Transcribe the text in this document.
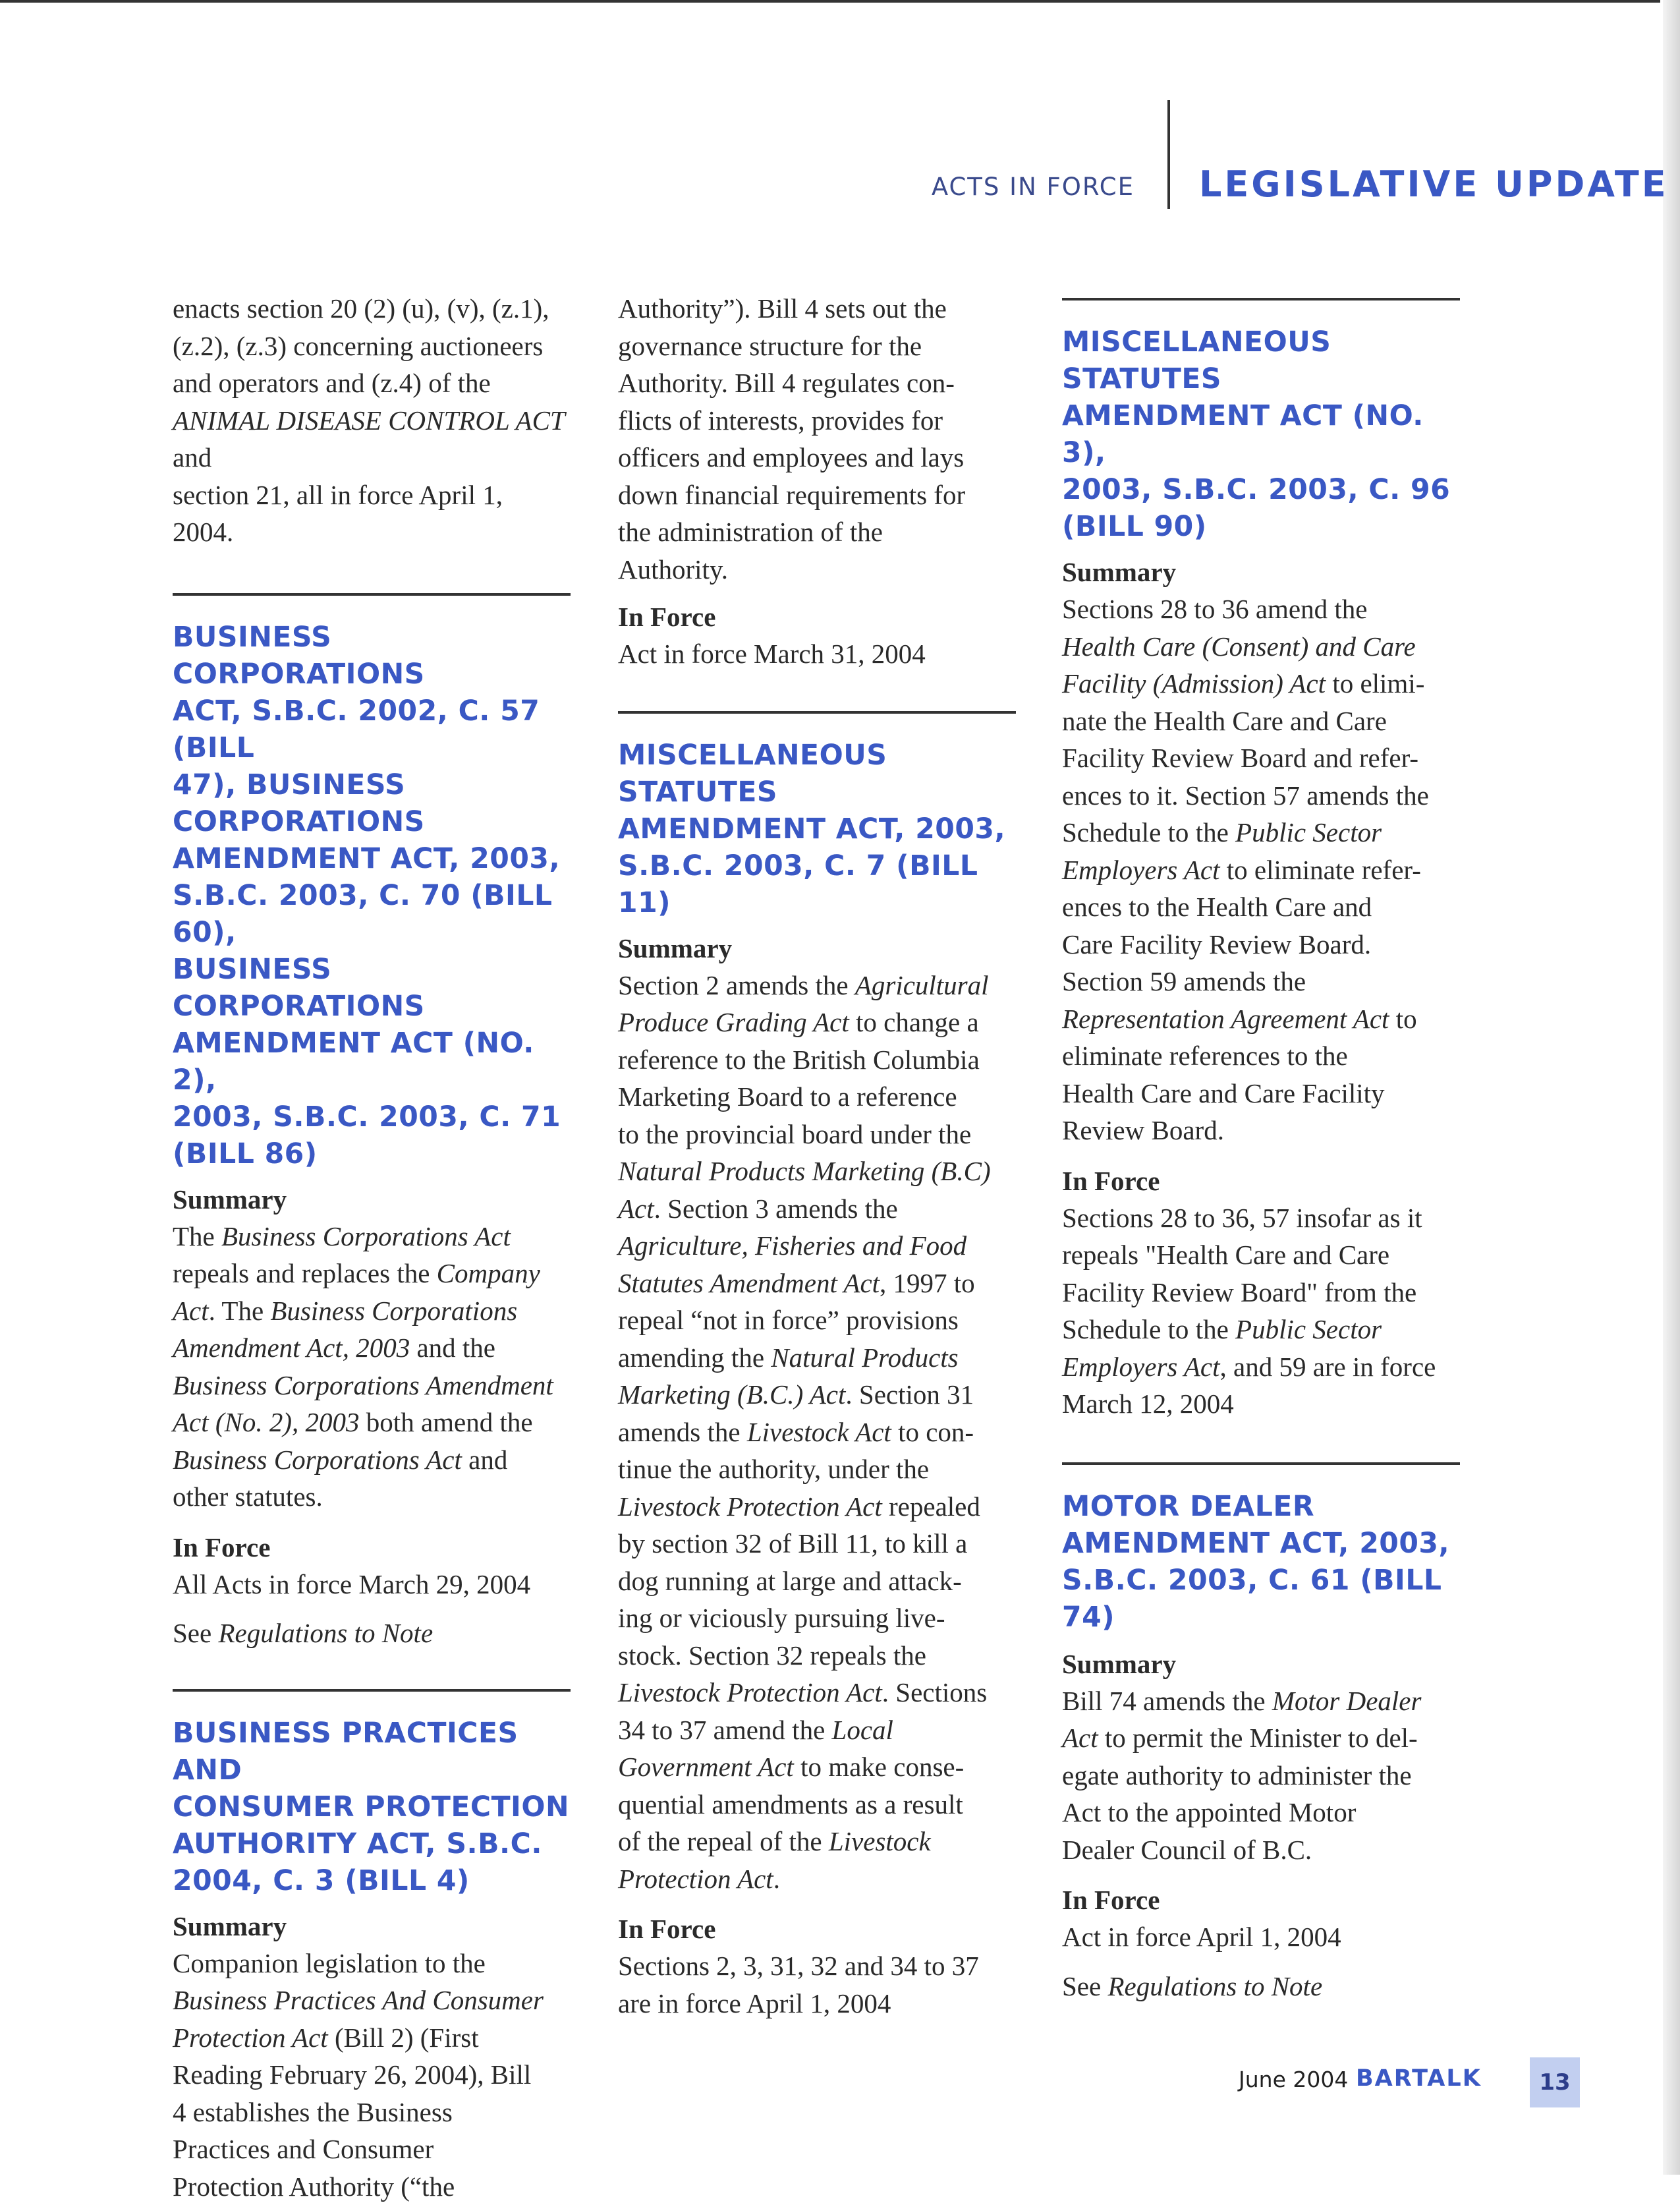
ACTS IN FORCE LEGISLATIVE UPDATE

enacts section 20 (2) (u), (v), (z.1),
(z.2), (z.3) concerning auctioneers
and operators and (z.4) of the
ANIMAL DISEASE CONTROL ACT and
section 21, all in force April 1,
2004.

BUSINESS CORPORATIONS
ACT, S.B.C. 2002, C. 57 (BILL
47), BUSINESS
CORPORATIONS
AMENDMENT ACT, 2003,
S.B.C. 2003, C. 70 (BILL 60),
BUSINESS CORPORATIONS
AMENDMENT ACT (NO. 2),
2003, S.B.C. 2003, C. 71
(BILL 86)

Summary

The Business Corporations Act
repeals and replaces the Company
Act. The Business Corporations
Amendment Act, 2003 and the
Business Corporations Amendment
Act (No. 2), 2003 both amend the
Business Corporations Act and
other statutes.

In Force

All Acts in force March 29, 2004

See Regulations to Note

BUSINESS PRACTICES AND
CONSUMER PROTECTION
AUTHORITY ACT, S.B.C.
2004, C. 3 (BILL 4)

Summary

Companion legislation to the
Business Practices And Consumer
Protection Act (Bill 2) (First
Reading February 26, 2004), Bill
4 establishes the Business
Practices and Consumer
Protection Authority (“the

Authority”). Bill 4 sets out the
governance structure for the
Authority. Bill 4 regulates con-
flicts of interests, provides for
officers and employees and lays
down financial requirements for
the administration of the
Authority.

In Force

Act in force March 31, 2004

MISCELLANEOUS STATUTES
AMENDMENT ACT, 2003,
S.B.C. 2003, C. 7 (BILL 11)

Summary

Section 2 amends the Agricultural
Produce Grading Act to change a
reference to the British Columbia
Marketing Board to a reference
to the provincial board under the
Natural Products Marketing (B.C)
Act. Section 3 amends the
Agriculture, Fisheries and Food
Statutes Amendment Act, 1997 to
repeal “not in force” provisions
amending the Natural Products
Marketing (B.C.) Act. Section 31
amends the Livestock Act to con-
tinue the authority, under the
Livestock Protection Act repealed
by section 32 of Bill 11, to kill a
dog running at large and attack-
ing or viciously pursuing live-
stock. Section 32 repeals the
Livestock Protection Act. Sections
34 to 37 amend the Local
Government Act to make conse-
quential amendments as a result
of the repeal of the Livestock
Protection Act.

In Force

Sections 2, 3, 31, 32 and 34 to 37
are in force April 1, 2004

MISCELLANEOUS STATUTES
AMENDMENT ACT (NO. 3),
2003, S.B.C. 2003, C. 96
(BILL 90)

Summary

Sections 28 to 36 amend the
Health Care (Consent) and Care
Facility (Admission) Act to elimi-
nate the Health Care and Care
Facility Review Board and refer-
ences to it. Section 57 amends the
Schedule to the Public Sector
Employers Act to eliminate refer-
ences to the Health Care and
Care Facility Review Board.
Section 59 amends the
Representation Agreement Act to
eliminate references to the
Health Care and Care Facility
Review Board.

In Force

Sections 28 to 36, 57 insofar as it
repeals "Health Care and Care
Facility Review Board" from the
Schedule to the Public Sector
Employers Act, and 59 are in force
March 12, 2004

MOTOR DEALER
AMENDMENT ACT, 2003,
S.B.C. 2003, C. 61 (BILL 74)

Summary

Bill 74 amends the Motor Dealer
Act to permit the Minister to del-
egate authority to administer the
Act to the appointed Motor
Dealer Council of B.C.

In Force

Act in force April 1, 2004

See Regulations to Note

June 2004 BARTALK	13
